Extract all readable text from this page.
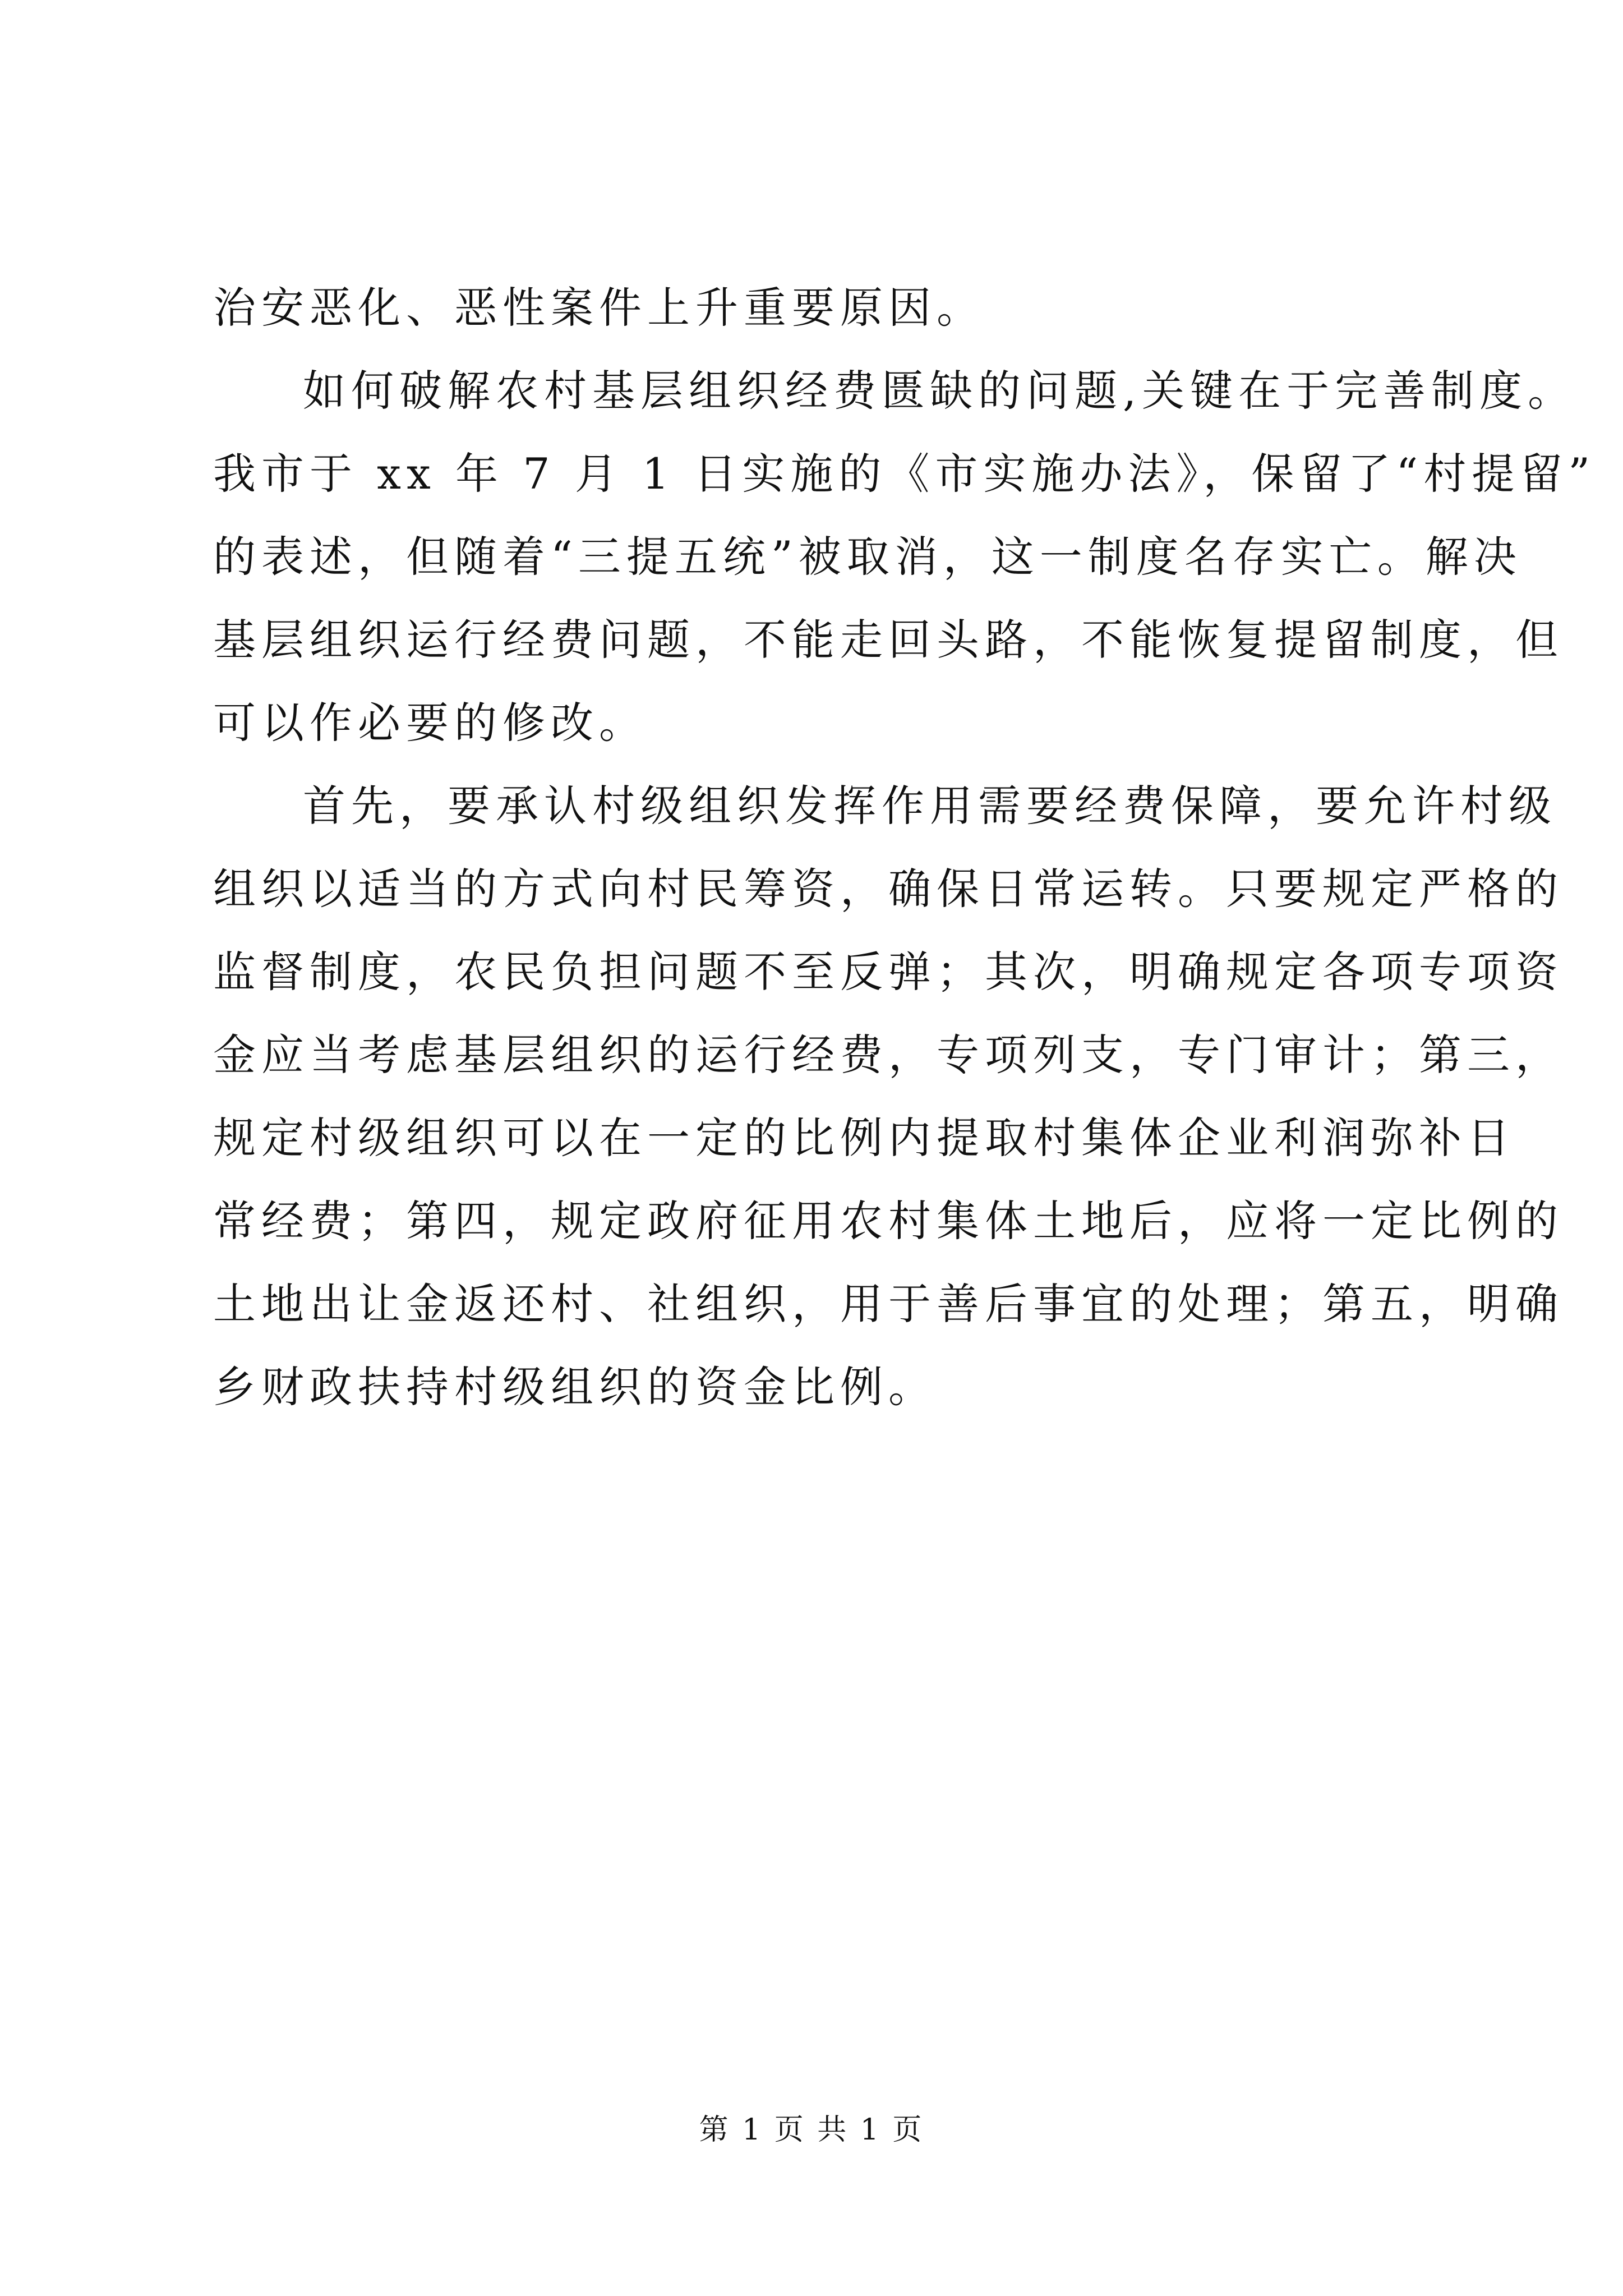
治安恶化、恶性案件上升重要原因。
如何破解农村基层组织经费匮缺的问题,关键在于完善制度。
我市于 xx 年 7 月 1 日实施的《市实施办法》，保留了“村提留”
的表述，但随着“三提五统”被取消，这一制度名存实亡。解决
基层组织运行经费问题，不能走回头路，不能恢复提留制度，但
可以作必要的修改。
首先，要承认村级组织发挥作用需要经费保障，要允许村级
组织以适当的方式向村民筹资，确保日常运转。只要规定严格的
监督制度，农民负担问题不至反弹；其次，明确规定各项专项资
金应当考虑基层组织的运行经费，专项列支，专门审计；第三，
规定村级组织可以在一定的比例内提取村集体企业利润弥补日
常经费；第四，规定政府征用农村集体土地后，应将一定比例的
土地出让金返还村、社组织，用于善后事宜的处理；第五，明确
乡财政扶持村级组织的资金比例。
第 1 页 共 1 页
